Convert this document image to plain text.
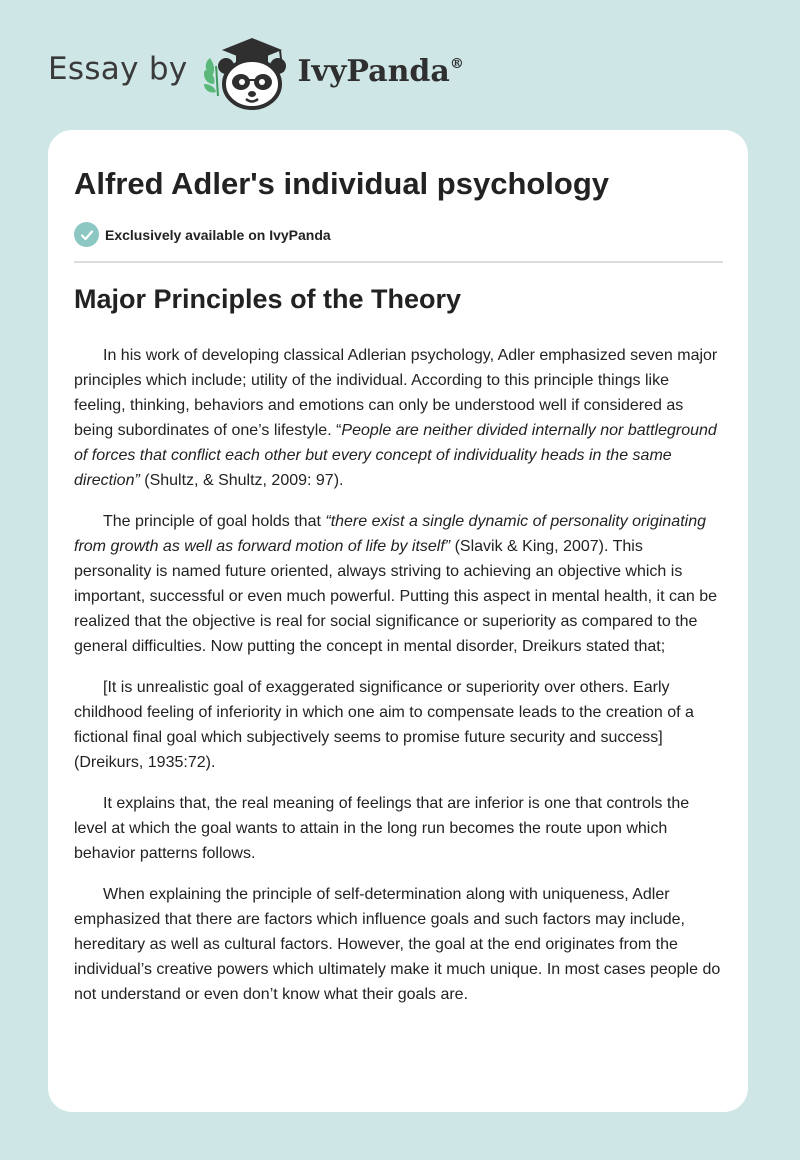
Essay by	IvyPanda®
Alfred Adler's individual psychology
Exclusively available on IvyPanda
Major Principles of the Theory

In his work of developing classical Adlerian psychology, Adler emphasized seven major principles which include; utility of the individual. According to this principle things like feeling, thinking, behaviors and emotions can only be understood well if considered as being subordinates of one’s lifestyle. “People are neither divided internally nor battleground of forces that conflict each other but every concept of individuality heads in the same direction” (Shultz, & Shultz, 2009: 97).

The principle of goal holds that “there exist a single dynamic of personality originating from growth as well as forward motion of life by itself” (Slavik & King, 2007). This personality is named future oriented, always striving to achieving an objective which is important, successful or even much powerful. Putting this aspect in mental health, it can be realized that the objective is real for social significance or superiority as compared to the general difficulties. Now putting the concept in mental disorder, Dreikurs stated that;

[It is unrealistic goal of exaggerated significance or superiority over others. Early childhood feeling of inferiority in which one aim to compensate leads to the creation of a fictional final goal which subjectively seems to promise future security and success] (Dreikurs, 1935:72).

It explains that, the real meaning of feelings that are inferior is one that controls the level at which the goal wants to attain in the long run becomes the route upon which behavior patterns follows.

When explaining the principle of self-determination along with uniqueness, Adler emphasized that there are factors which influence goals and such factors may include, hereditary as well as cultural factors. However, the goal at the end originates from the individual’s creative powers which ultimately make it much unique. In most cases people do not understand or even don’t know what their goals are.
